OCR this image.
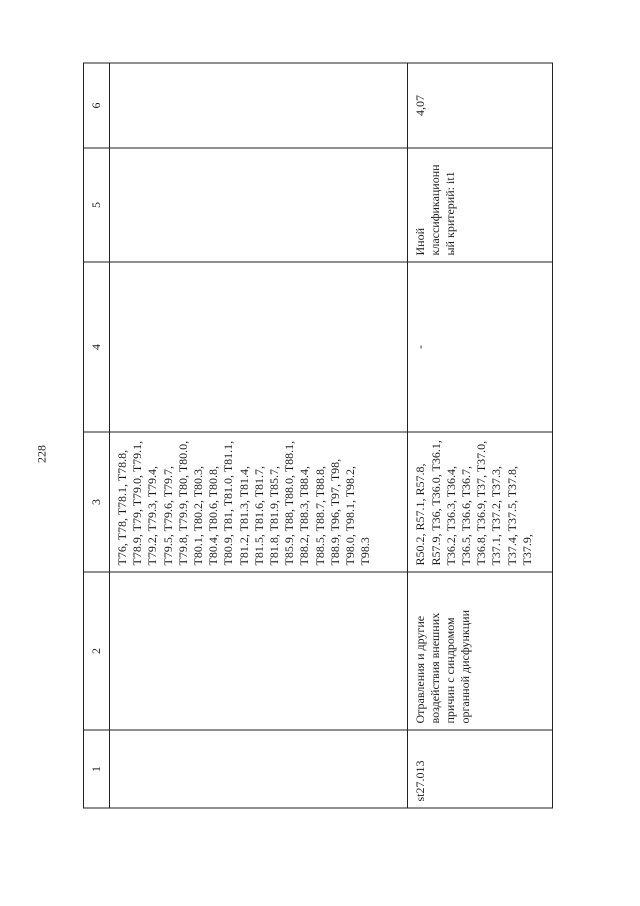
228
1	2	3	4	5	6
		T76, T78, T78.1, T78.8, T78.9, T79, T79.0, T79.1, T79.2, T79.3, T79.4, T79.5, T79.6, T79.7, T79.8, T79.9, T80, T80.0, T80.1, T80.2, T80.3, T80.4, T80.6, T80.8, T80.9, T81, T81.0, T81.1, T81.2, T81.3, T81.4, T81.5, T81.6, T81.7, T81.8, T81.9, T85.7, T85.9, T88, T88.0, T88.1, T88.2, T88.3, T88.4, T88.5, T88.7, T88.8, T88.9, T96, T97, T98, T98.0, T98.1, T98.2, T98.3			
st27.013	Отравления и другие воздействия внешних причин с синдромом органной дисфункции	R50.2, R57.1, R57.8, R57.9, T36, T36.0, T36.1, T36.2, T36.3, T36.4, T36.5, T36.6, T36.7, T36.8, T36.9, T37, T37.0, T37.1, T37.2, T37.3, T37.4, T37.5, T37.8, T37.9,	-	Иной классификационн ый критерий: it1	4,07
